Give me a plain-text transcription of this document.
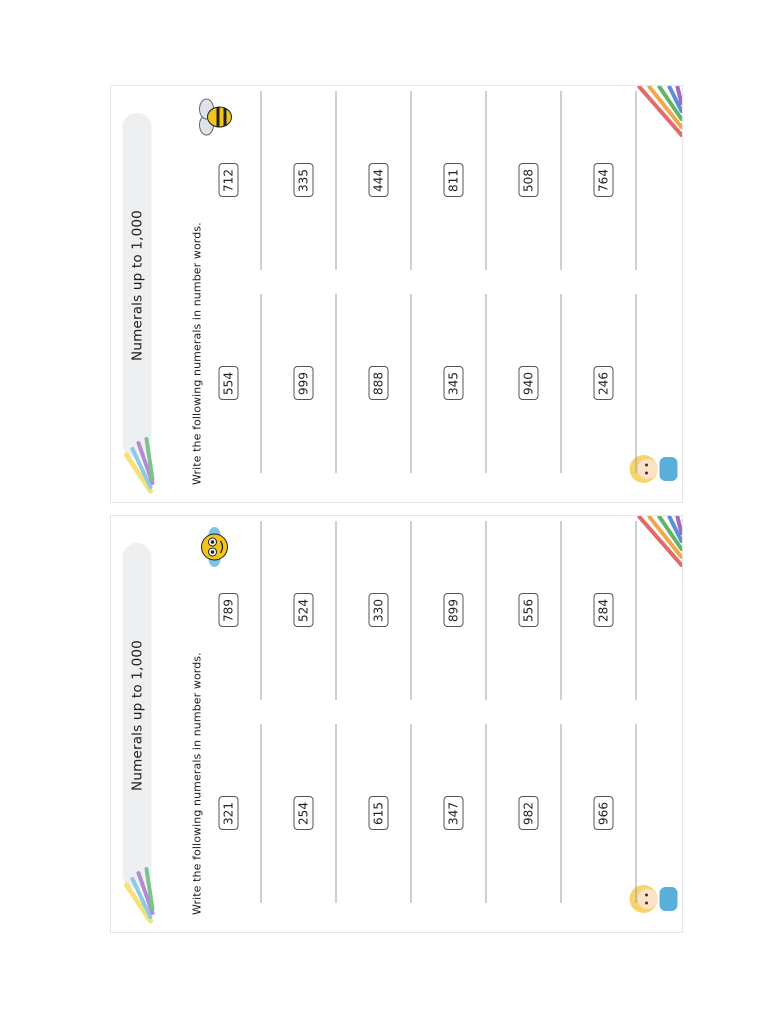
Numerals up to 1,000	Write the following numerals in number words. 554
712
999
335
888
444
345
811
940
508
246
764
Numerals up to 1,000	Write the following numerals in number words. 321
789
254
524
615
330
347
899
982
556
966
284
